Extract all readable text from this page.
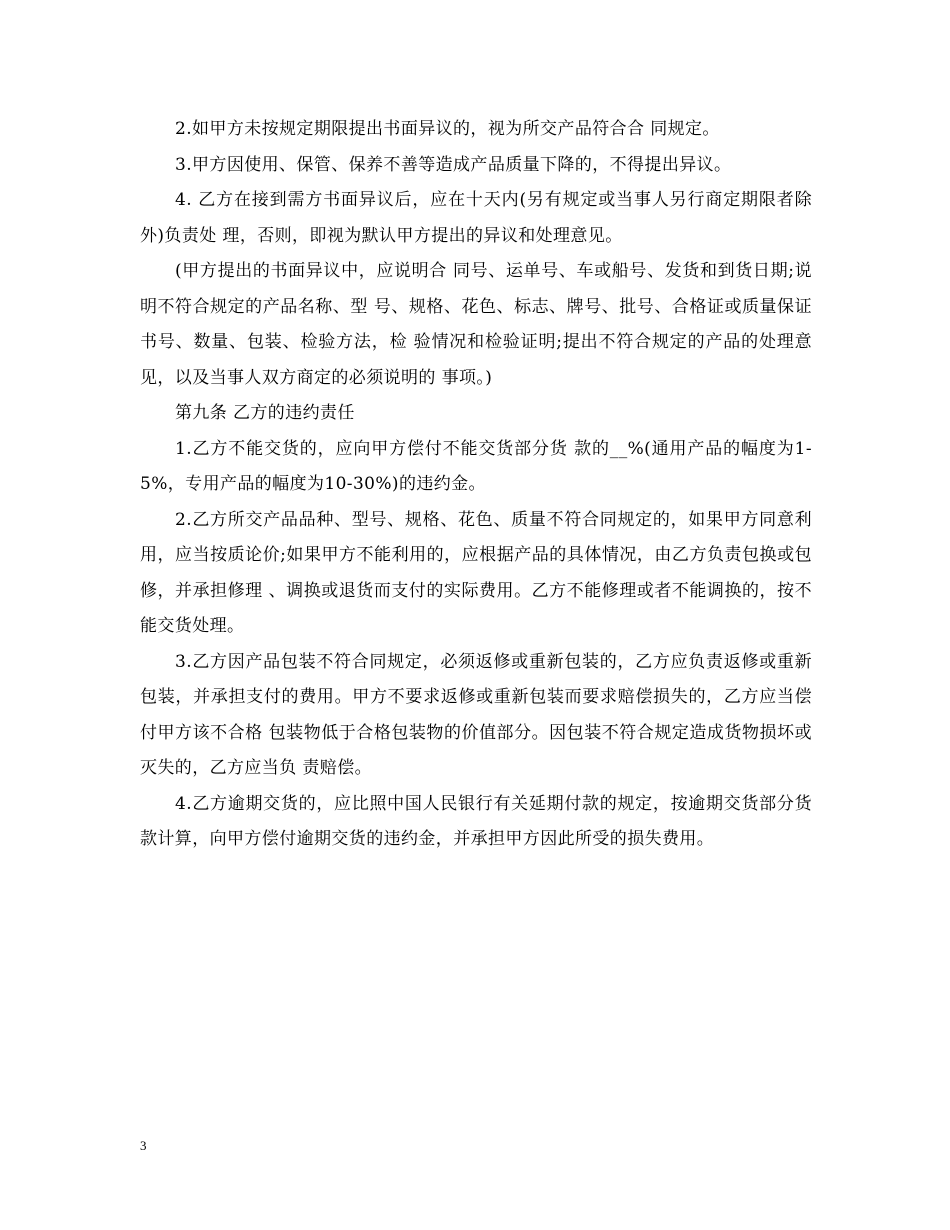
2.如甲方未按规定期限提出书面异议的，视为所交产品符合合 同规定。

3.甲方因使用、保管、保养不善等造成产品质量下降的，不得提出异议。

4. 乙方在接到需方书面异议后，应在十天内(另有规定或当事人另行商定期限者除外)负责处 理，否则，即视为默认甲方提出的异议和处理意见。

(甲方提出的书面异议中，应说明合 同号、运单号、车或船号、发货和到货日期;说明不符合规定的产品名称、型 号、规格、花色、标志、牌号、批号、合格证或质量保证书号、数量、包装、检验方法，检 验情况和检验证明;提出不符合规定的产品的处理意见，以及当事人双方商定的必须说明的 事项。)

第九条 乙方的违约责任

1.乙方不能交货的，应向甲方偿付不能交货部分货 款的__%(通用产品的幅度为1-5%，专用产品的幅度为10-30%)的违约金。

2.乙方所交产品品种、型号、规格、花色、质量不符合同规定的，如果甲方同意利用，应当按质论价;如果甲方不能利用的，应根据产品的具体情况，由乙方负责包换或包修，并承担修理 、调换或退货而支付的实际费用。乙方不能修理或者不能调换的，按不能交货处理。

3.乙方因产品包装不符合同规定，必须返修或重新包装的，乙方应负责返修或重新包装，并承担支付的费用。甲方不要求返修或重新包装而要求赔偿损失的，乙方应当偿付甲方该不合格 包装物低于合格包装物的价值部分。因包装不符合规定造成货物损坏或灭失的，乙方应当负 责赔偿。

4.乙方逾期交货的，应比照中国人民银行有关延期付款的规定，按逾期交货部分货款计算，向甲方偿付逾期交货的违约金，并承担甲方因此所受的损失费用。

3
